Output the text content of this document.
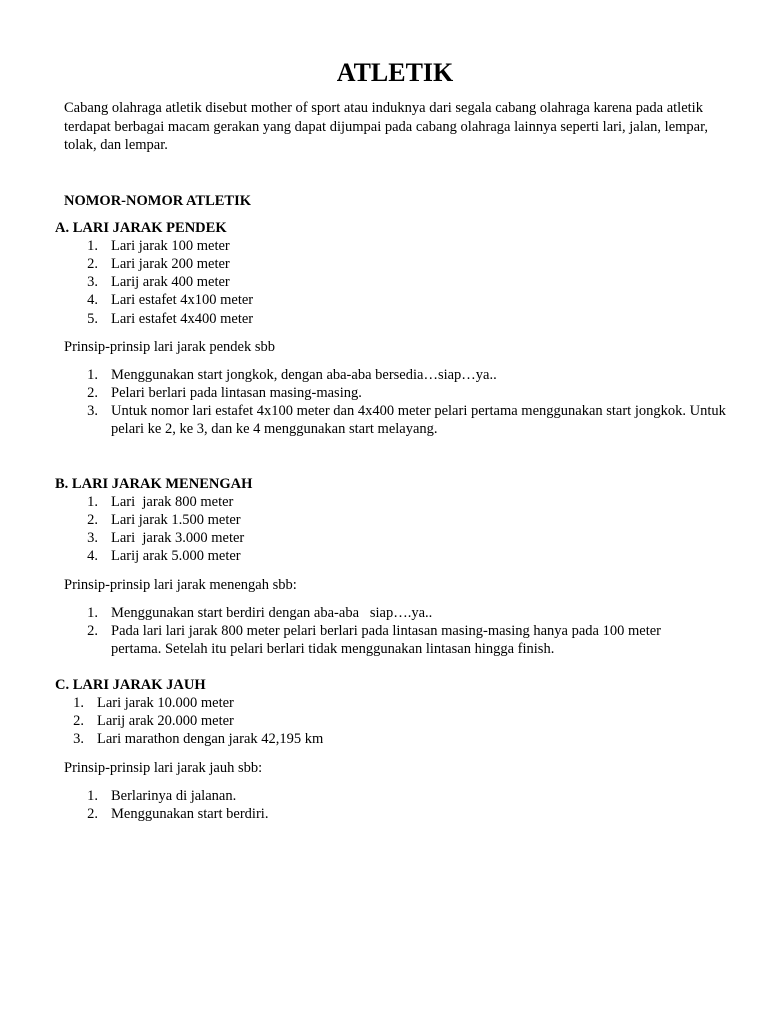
ATLETIK

Cabang olahraga atletik disebut mother of sport atau induknya dari segala cabang olahraga karena pada atletik terdapat berbagai macam gerakan yang dapat dijumpai pada cabang olahraga lainnya seperti lari, jalan, lempar, tolak, dan lempar.

NOMOR-NOMOR ATLETIK

A. LARI JARAK PENDEK

1. Lari jarak 100 meter
2. Lari jarak 200 meter
3. Larij arak 400 meter
4. Lari estafet 4x100 meter
5. Lari estafet 4x400 meter

Prinsip-prinsip lari jarak pendek sbb

1. Menggunakan start jongkok, dengan aba-aba bersedia…siap…ya..
2. Pelari berlari pada lintasan masing-masing.
3. Untuk nomor lari estafet 4x100 meter dan 4x400 meter pelari pertama menggunakan start jongkok. Untuk pelari ke 2, ke 3, dan ke 4 menggunakan start melayang.

B. LARI JARAK MENENGAH

1. Lari  jarak 800 meter
2. Lari jarak 1.500 meter
3. Lari  jarak 3.000 meter
4. Larij arak 5.000 meter

Prinsip-prinsip lari jarak menengah sbb:

1. Menggunakan start berdiri dengan aba-aba   siap….ya..
2. Pada lari lari jarak 800 meter pelari berlari pada lintasan masing-masing hanya pada 100 meter pertama. Setelah itu pelari berlari tidak menggunakan lintasan hingga finish.

C. LARI JARAK JAUH

1. Lari jarak 10.000 meter
2. Larij arak 20.000 meter
3. Lari marathon dengan jarak 42,195 km

Prinsip-prinsip lari jarak jauh sbb:

1. Berlarinya di jalanan.
2. Menggunakan start berdiri.
